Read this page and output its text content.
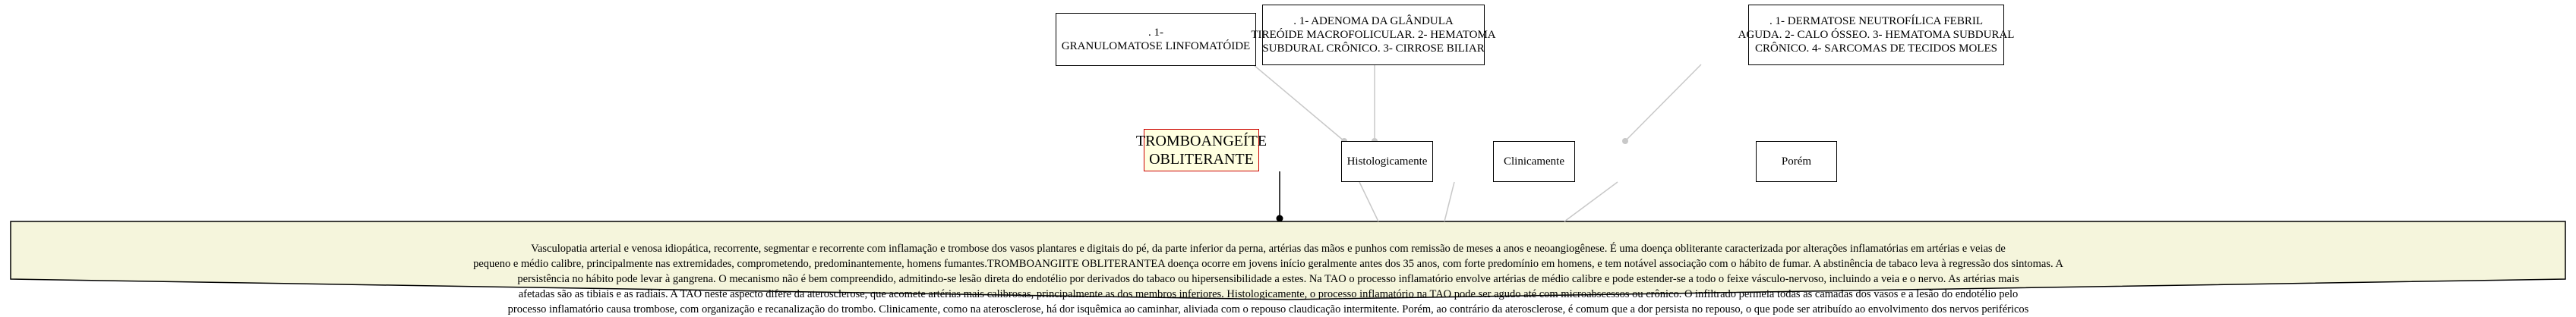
TROMBOANGEÍTE
OBLITERANTE
. 1-
GRANULOMATOSE LINFOMATÓIDE
. 1- ADENOMA DA GLÂNDULA
TIREÓIDE MACROFOLICULAR. 2- HEMATOMA
SUBDURAL CRÔNICO. 3- CIRROSE BILIAR
. 1- DERMATOSE NEUTROFÍLICA FEBRIL
AGUDA. 2- CALO ÓSSEO. 3- HEMATOMA SUBDURAL
CRÔNICO. 4- SARCOMAS DE TECIDOS MOLES
Histologicamente	Clinicamente	Porém
Vasculopatia arterial e venosa idiopática, recorrente, segmentar e recorrente com inflamação e trombose dos vasos plantares e digitais do pé, da parte inferior da perna, artérias das mãos e punhos com remissão de meses a anos e neoangiogênese. É uma doença obliterante caracterizada por alterações inflamatórias em artérias e veias de
pequeno e médio calibre, principalmente nas extremidades, comprometendo, predominantemente, homens fumantes.TROMBOANGIITE OBLITERANTEA doença ocorre em jovens início geralmente antes dos 35 anos, com forte predomínio em homens, e tem notável associação com o hábito de fumar. A abstinência de tabaco leva à regressão dos sintomas. A
persistência no hábito pode levar à gangrena. O mecanismo não é bem compreendido, admitindo-se lesão direta do endotélio por derivados do tabaco ou hipersensibilidade a estes. Na TAO o processo inflamatório envolve artérias de médio calibre e pode estender-se a todo o feixe vásculo-nervoso, incluindo a veia e o nervo. As artérias mais
afetadas são as tibiais e as radiais. A TAO neste aspecto difere da aterosclerose, que acomete artérias mais calibrosas, principalmente as dos membros inferiores. Histologicamente, o processo inflamatório na TAO pode ser agudo até com microabscessos ou crônico. O infiltrado permeia todas as camadas dos vasos e a lesão do endotélio pelo
processo inflamatório causa trombose, com organização e recanalização do trombo. Clinicamente, como na aterosclerose, há dor isquêmica ao caminhar, aliviada com o repouso claudicação intermitente. Porém, ao contrário da aterosclerose, é comum que a dor persista no repouso, o que pode ser atribuído ao envolvimento dos nervos periféricos
